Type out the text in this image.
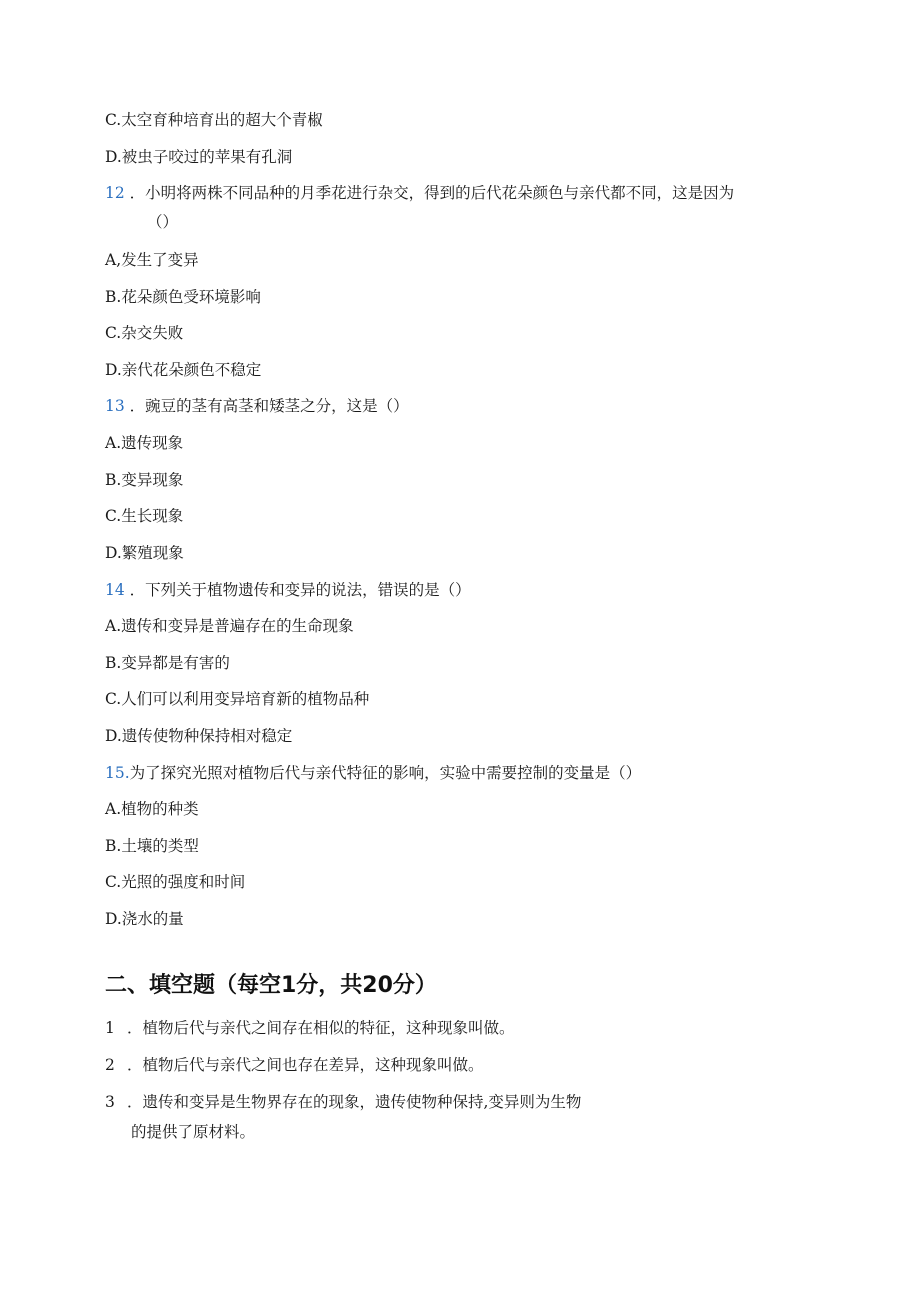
C.太空育种培育出的超大个青椒
D.被虫子咬过的苹果有孔洞
12 ．小明将两株不同品种的月季花进行杂交，得到的后代花朵颜色与亲代都不同，这是因为
（）
A,发生了变异
B.花朵颜色受环境影响
C.杂交失败
D.亲代花朵颜色不稳定
13 ．豌豆的茎有高茎和矮茎之分，这是（）
A.遗传现象
B.变异现象
C.生长现象
D.繁殖现象
14 ．下列关于植物遗传和变异的说法，错误的是（）
A.遗传和变异是普遍存在的生命现象
B.变异都是有害的
C.人们可以利用变异培育新的植物品种
D.遗传使物种保持相对稳定
15.为了探究光照对植物后代与亲代特征的影响，实验中需要控制的变量是（）
A.植物的种类
B.土壤的类型
C.光照的强度和时间
D.浇水的量
二、填空题（每空1分，共20分）
1 ．植物后代与亲代之间存在相似的特征，这种现象叫做。
2 ．植物后代与亲代之间也存在差异，这种现象叫做。
3 ．遗传和变异是生物界存在的现象，遗传使物种保持,变异则为生物
的提供了原材料。
